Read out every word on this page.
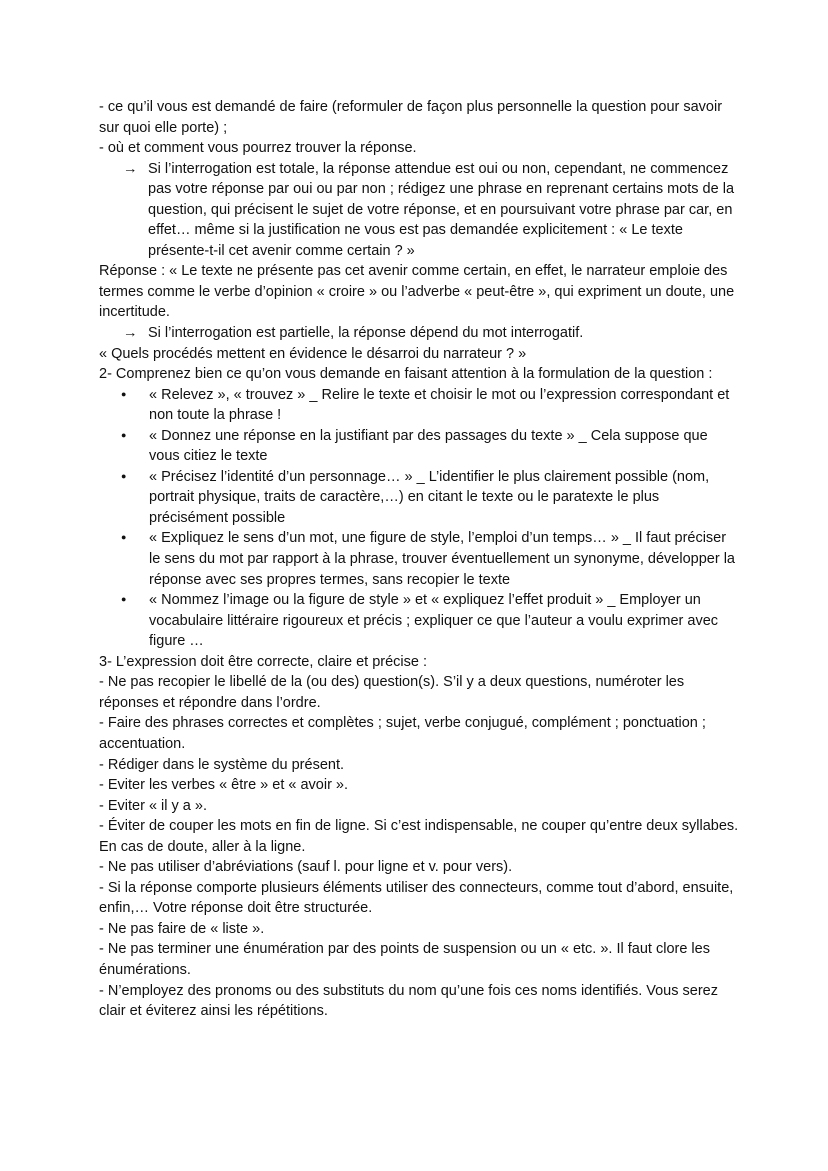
- ce qu’il vous est demandé de faire (reformuler de façon plus personnelle la question pour savoir sur quoi elle porte) ;
- où et comment vous pourrez trouver la réponse.
→ Si l’interrogation est totale, la réponse attendue est oui ou non, cependant, ne commencez pas votre réponse par oui ou par non ; rédigez une phrase en reprenant certains mots de la question, qui précisent le sujet de votre réponse, et en poursuivant votre phrase par car, en effet… même si la justification ne vous est pas demandée explicitement : « Le texte présente-t-il cet avenir comme certain ? »
Réponse : « Le texte ne présente pas cet avenir comme certain, en effet, le narrateur emploie des termes comme le verbe d’opinion « croire » ou l’adverbe « peut-être », qui expriment un doute, une incertitude.
→ Si l’interrogation est partielle, la réponse dépend du mot interrogatif.
« Quels procédés mettent en évidence le désarroi du narrateur ? »
2- Comprenez bien ce qu’on vous demande en faisant attention à la formulation de la question :
●
« Relevez », « trouvez » _ Relire le texte et choisir le mot ou l’expression correspondant et non toute la phrase !
●
« Donnez une réponse en la justifiant par des passages du texte » _ Cela suppose que vous citiez le texte
●
« Précisez l’identité d’un personnage… » _ L’identifier le plus clairement possible (nom, portrait physique, traits de caractère,…) en citant le texte ou le paratexte le plus précisément possible
●
« Expliquez le sens d’un mot, une figure de style, l’emploi d’un temps… » _ Il faut préciser le sens du mot par rapport à la phrase, trouver éventuellement un synonyme, développer la réponse avec ses propres termes, sans recopier le texte
●
« Nommez l’image ou la figure de style » et « expliquez l’effet produit » _ Employer un vocabulaire littéraire rigoureux et précis ; expliquer ce que l’auteur a voulu exprimer avec figure …
3- L’expression doit être correcte, claire et précise :
- Ne pas recopier le libellé de la (ou des) question(s). S’il y a deux questions, numéroter les réponses et répondre dans l’ordre.
- Faire des phrases correctes et complètes ; sujet, verbe conjugué, complément ; ponctuation ; accentuation.
- Rédiger dans le système du présent.
- Eviter les verbes « être » et « avoir ».
- Eviter « il y a ».
- Éviter de couper les mots en fin de ligne. Si c’est indispensable, ne couper qu’entre deux syllabes. En cas de doute, aller à la ligne.
- Ne pas utiliser d’abréviations (sauf l. pour ligne et v. pour vers).
- Si la réponse comporte plusieurs éléments utiliser des connecteurs, comme tout d’abord, ensuite, enfin,… Votre réponse doit être structurée.
- Ne pas faire de « liste ».
- Ne pas terminer une énumération par des points de suspension ou un « etc. ». Il faut clore les énumérations.
- N’employez des pronoms ou des substituts du nom qu’une fois ces noms identifiés. Vous serez clair et éviterez ainsi les répétitions.
